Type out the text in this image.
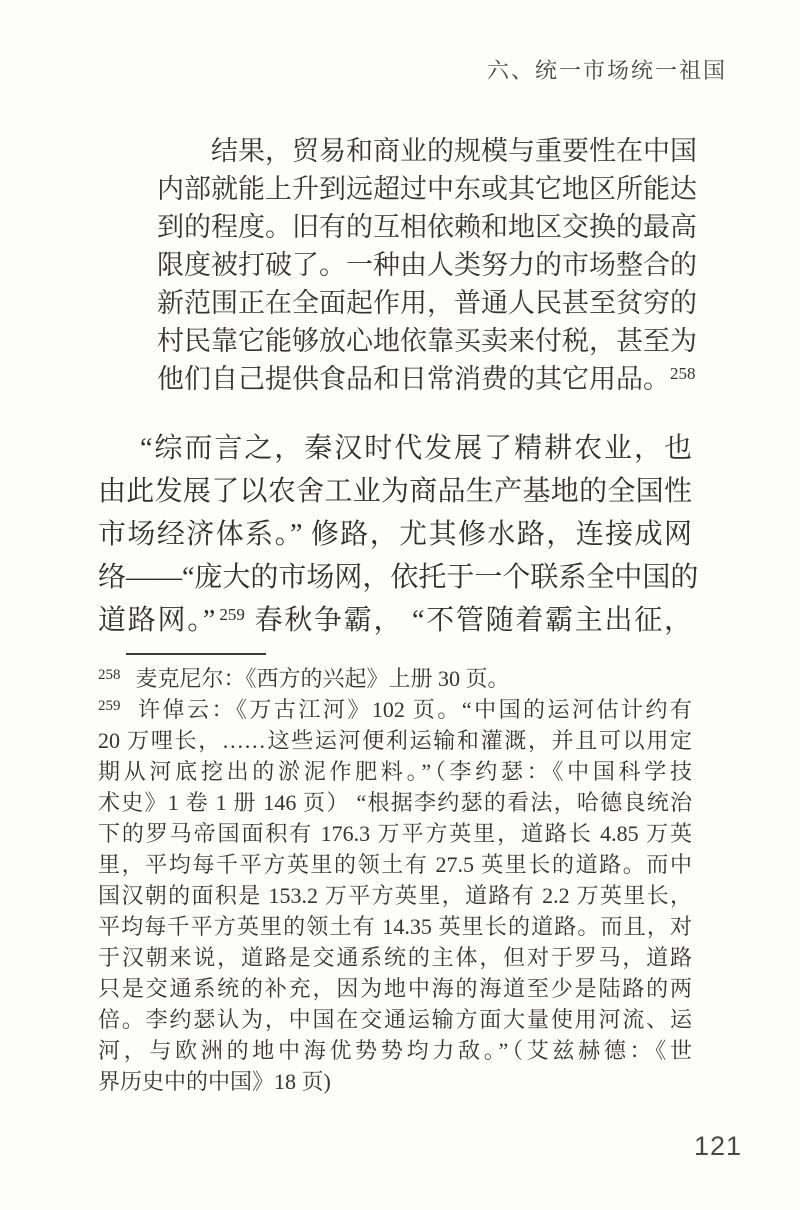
六、统一市场统一祖国
结果，贸易和商业的规模与重要性在中国
内部就能上升到远超过中东或其它地区所能达
到的程度。旧有的互相依赖和地区交换的最高
限度被打破了。一种由人类努力的市场整合的
新范围正在全面起作用，普通人民甚至贫穷的
村民靠它能够放心地依靠买卖来付税，甚至为
他们自己提供食品和日常消费的其它用品。$^{258}$
“综而言之，秦汉时代发展了精耕农业，也
由此发展了以农舍工业为商品生产基地的全国性
市场经济体系。” 修路，尤其修水路，连接成网
络——“庞大的市场网，依托于一个联系全中国的
道路网。” $^{259}$ 春秋争霸， “不管随着霸主出征，
$^{258}$ 麦克尼尔：《西方的兴起》上册 30 页。
$^{259}$ 许倬云：《万古江河》102 页。“中国的运河估计约有
20 万哩长，……这些运河便利运输和灌溉，并且可以用定
期从河底挖出的淤泥作肥料。”（李约瑟：《中国科学技
术史》1 卷 1 册 146 页） “根据李约瑟的看法，哈德良统治
下的罗马帝国面积有 176.3 万平方英里，道路长 4.85 万英
里，平均每千平方英里的领土有 27.5 英里长的道路。而中
国汉朝的面积是 153.2 万平方英里，道路有 2.2 万英里长，
平均每千平方英里的领土有 14.35 英里长的道路。而且，对
于汉朝来说，道路是交通系统的主体，但对于罗马，道路
只是交通系统的补充，因为地中海的海道至少是陆路的两
倍。李约瑟认为，中国在交通运输方面大量使用河流、运
河，与欧洲的地中海优势势均力敌。”（艾兹赫德：《世
界历史中的中国》18 页)
121
